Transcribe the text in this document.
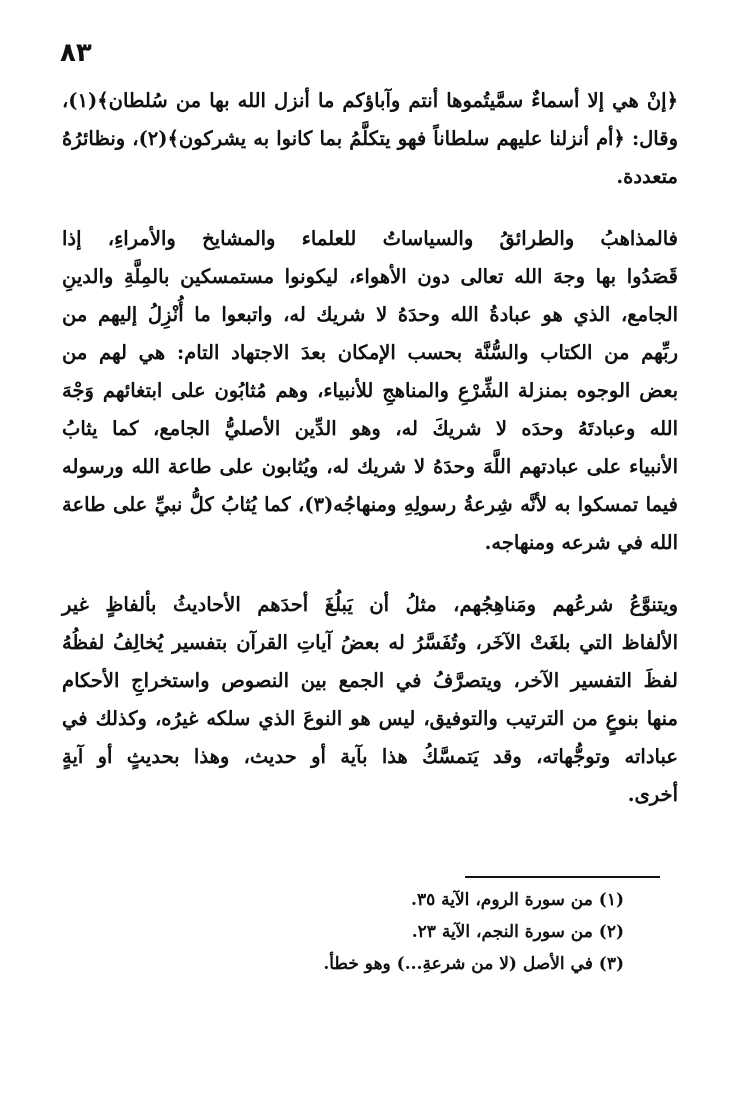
٨٣
﴿إنْ هي إلا أسماءٌ سمَّيتُموها أنتم وآباؤكم ما أنزل الله بها من سُلطان﴾(١)،
وقال: ﴿أم أنزلنا عليهم سلطاناً فهو يتكلَّمُ بما كانوا به يشركون﴾(٢)، ونظائرُهُ
متعددة.
فالمذاهبُ والطرائقُ والسياساتُ للعلماء والمشايخ والأمراءِ، إذا
قَصَدُوا بها وجهَ الله تعالى دون الأهواء، ليكونوا مستمسكين بالمِلَّةِ والدينِ
الجامع، الذي هو عبادةُ الله وحدَهُ لا شريك له، واتبعوا ما أُنْزِلُ إليهم من
ربِّهم من الكتاب والسُّنَّة بحسب الإمكان بعدَ الاجتهاد التام: هي لهم من
بعض الوجوه بمنزلة الشِّرْعِ والمناهجِ للأنبياء، وهم مُثابُون على ابتغائهم وَجْهَ
الله وعبادتَهُ وحدَه لا شريكَ له، وهو الدِّين الأصليُّ الجامع، كما يثابُ
الأنبياء على عبادتهم اللَّهَ وحدَهُ لا شريك له، ويُثابون على طاعة الله ورسوله
فيما تمسكوا به لأنَّه شِرعةُ رسولِهِ ومنهاجُه(٣)، كما يُثابُ كلُّ نبيِّ على طاعة
الله في شرعه ومنهاجه.
ويتنوَّعُ شرعُهم ومَناهِجُهم، مثلُ أن يَبلُغَ أحدَهم الأحاديثُ بألفاظٍ غير
الألفاظ التي بلغَتْ الآخَر، وتُفَسَّرُ له بعضُ آياتِ القرآن بتفسير يُخالِفُ لفظُهُ
لفظَ التفسير الآخر، ويتصرَّفُ في الجمع بين النصوص واستخراجِ الأحكام
منها بنوعٍ من الترتيب والتوفيق، ليس هو النوعَ الذي سلكه غيرُه، وكذلك في
عباداته وتوجُّهاته، وقد يَتمسَّكُ هذا بآية أو حديث، وهذا بحديثٍ أو آيةٍ
أخرى.
(١) من سورة الروم، الآية ٣٥.
(٢) من سورة النجم، الآية ٢٣.
(٣) في الأصل (لا من شرعةِ...) وهو خطأ.
